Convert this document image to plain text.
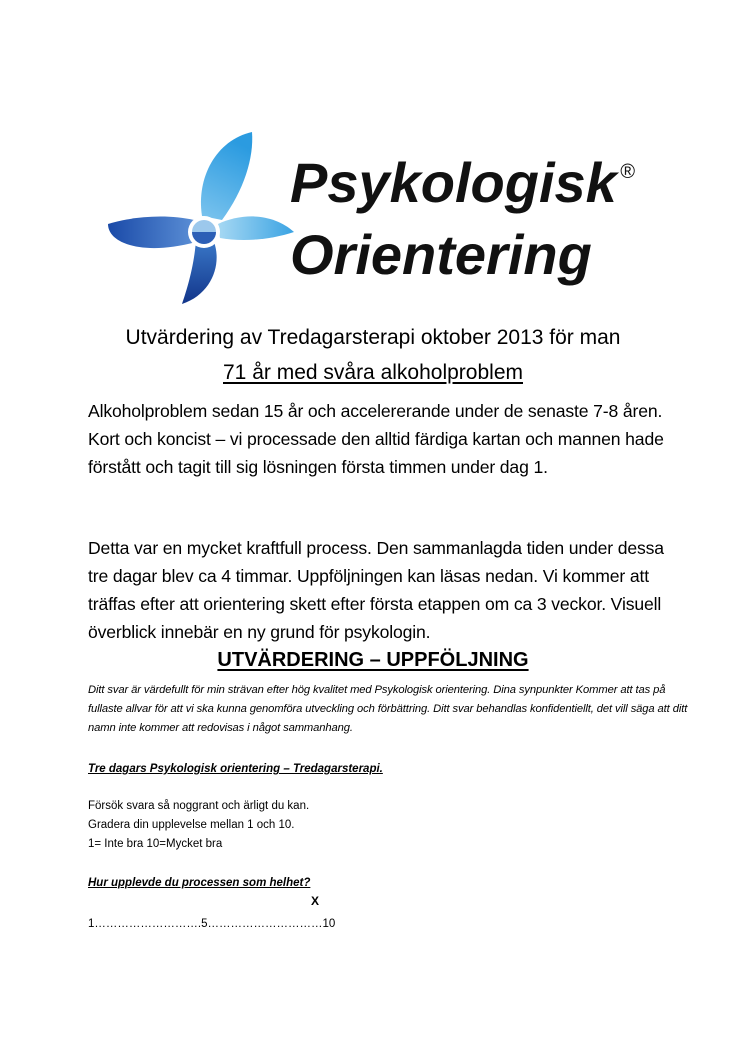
Psykologisk
Orientering
®
Utvärdering av Tredagarsterapi oktober 2013 för man
71 år med svåra alkoholproblem

Alkoholproblem sedan 15 år och accelererande under de senaste 7-8 åren. Kort och koncist – vi processade den alltid färdiga kartan och mannen hade förstått och tagit till sig lösningen första timmen under dag 1.

Detta var en mycket kraftfull process. Den sammanlagda tiden under dessa tre dagar blev ca 4 timmar. Uppföljningen kan läsas nedan. Vi kommer att träffas efter att orientering skett efter första etappen om ca 3 veckor. Visuell överblick innebär en ny grund för psykologin.

UTVÄRDERING – UPPFÖLJNING

Ditt svar är värdefullt för min strävan efter hög kvalitet med Psykologisk orientering. Dina synpunkter Kommer att tas på fullaste allvar för att vi ska kunna genomföra utveckling och förbättring. Ditt svar behandlas konfidentiellt, det vill säga att ditt namn inte kommer att redovisas i något sammanhang.

Tre dagars Psykologisk orientering – Tredagarsterapi.

Försök svara så noggrant och ärligt du kan.
Gradera din upplevelse mellan 1 och 10.
1= Inte bra 10=Mycket bra

Hur upplevde du processen som helhet?

X

1……………………….5…………………………10
